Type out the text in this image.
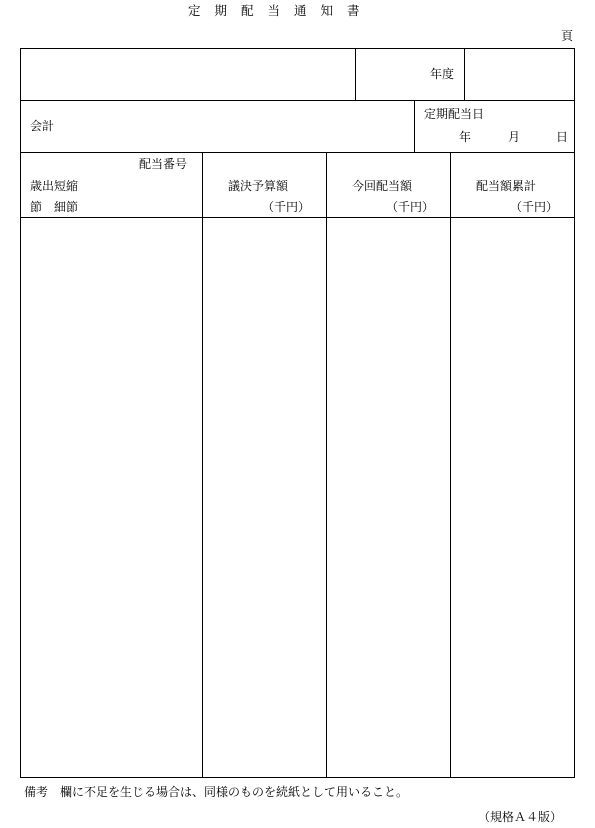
定期配当通知書
頁
年度
会計
定期配当日
年	月	日
配当番号
歳出短縮
節　細節
議決予算額
（千円）
今回配当額
（千円）
配当額累計
（千円）
備考　欄に不足を生じる場合は、同様のものを続紙として用いること。
（規格Ａ４版）
